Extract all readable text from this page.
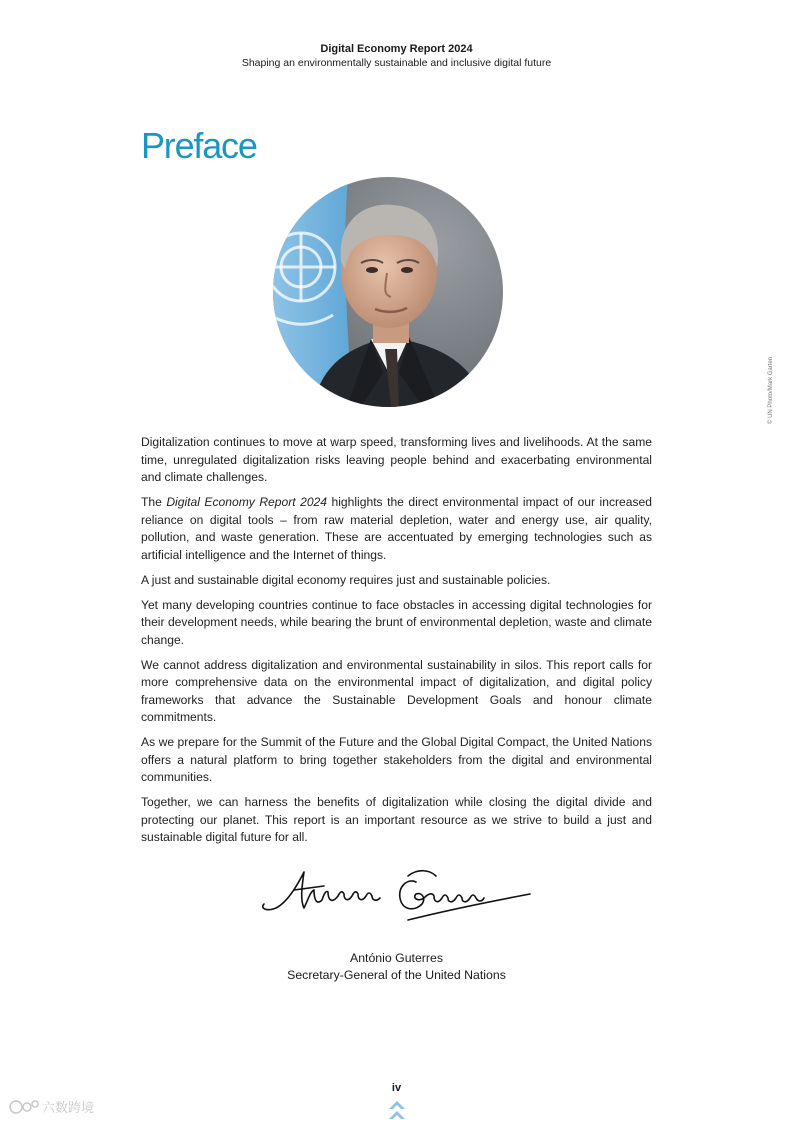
Digital Economy Report 2024
Shaping an environmentally sustainable and inclusive digital future
Preface
© UN Photo/Mark Garten

Digitalization continues to move at warp speed, transforming lives and livelihoods. At the same time, unregulated digitalization risks leaving people behind and exacerbating environmental and climate challenges.

The Digital Economy Report 2024 highlights the direct environmental impact of our increased reliance on digital tools – from raw material depletion, water and energy use, air quality, pollution, and waste generation. These are accentuated by emerging technologies such as artificial intelligence and the Internet of things.

A just and sustainable digital economy requires just and sustainable policies.

Yet many developing countries continue to face obstacles in accessing digital technologies for their development needs, while bearing the brunt of environmental depletion, waste and climate change.

We cannot address digitalization and environmental sustainability in silos. This report calls for more comprehensive data on the environmental impact of digitalization, and digital policy frameworks that advance the Sustainable Development Goals and honour climate commitments.

As we prepare for the Summit of the Future and the Global Digital Compact, the United Nations offers a natural platform to bring together stakeholders from the digital and environmental communities.

Together, we can harness the benefits of digitalization while closing the digital divide and protecting our planet. This report is an important resource as we strive to build a just and sustainable digital future for all.

António Guterres
Secretary-General of the United Nations
iv
六数跨境
